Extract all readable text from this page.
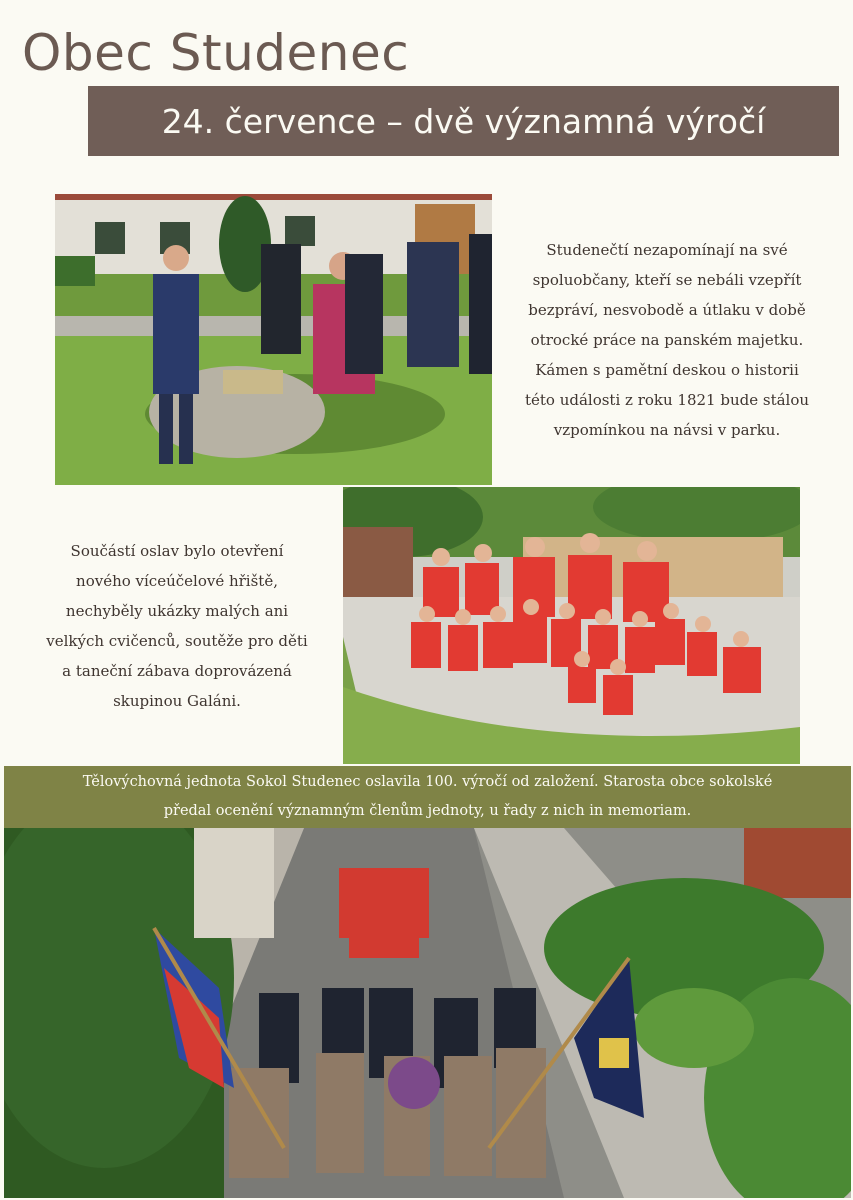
Obec Studenec
24. července – dvě významná výročí
Studenečtí nezapomínají na své
spoluobčany, kteří se nebáli vzepřít
bezpráví, nesvobodě a útlaku v době
otrocké práce na panském majetku.
Kámen s pamětní deskou o historii
této události z roku 1821 bude stálou
vzpomínkou na návsi v parku.
Součástí oslav bylo otevření
nového víceúčelové hřiště,
nechyběly ukázky malých ani
velkých cvičenců, soutěže pro děti
a taneční zábava doprovázená
skupinou Galáni.

Tělovýchovná jednota Sokol Studenec oslavila 100. výročí od založení. Starosta obce sokolské
předal ocenění významným členům jednoty, u řady z nich in memoriam.
